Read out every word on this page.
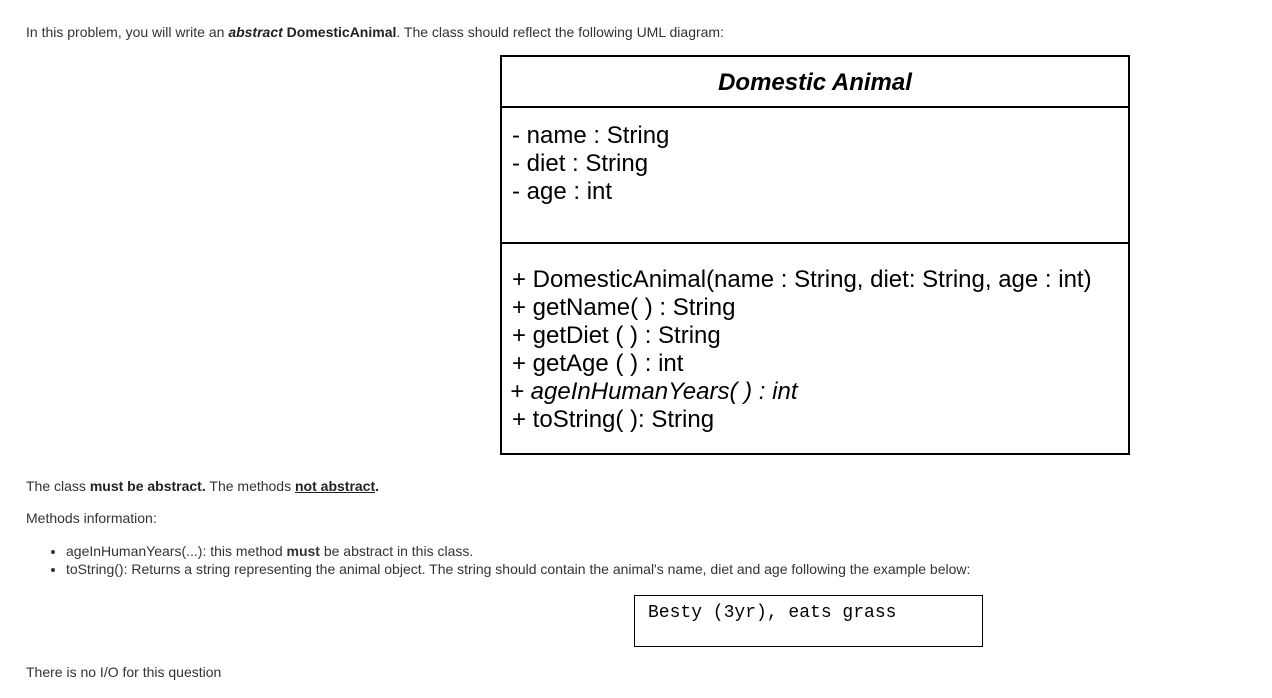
In this problem, you will write an abstract DomesticAnimal. The class should reflect the following UML diagram:
Domestic Animal
- name : String
- diet : String
- age : int
+ DomesticAnimal(name : String, diet: String, age : int)
+ getName( ) : String
+ getDiet ( ) : String
+ getAge ( ) : int
+ ageInHumanYears( ) : int
+ toString( ): String
The class must be abstract. The methods not abstract.
Methods information:
• ageInHumanYears(...): this method must be abstract in this class.
• toString(): Returns a string representing the animal object. The string should contain the animal's name, diet and age following the example below:
Besty (3yr), eats grass
There is no I/O for this question
